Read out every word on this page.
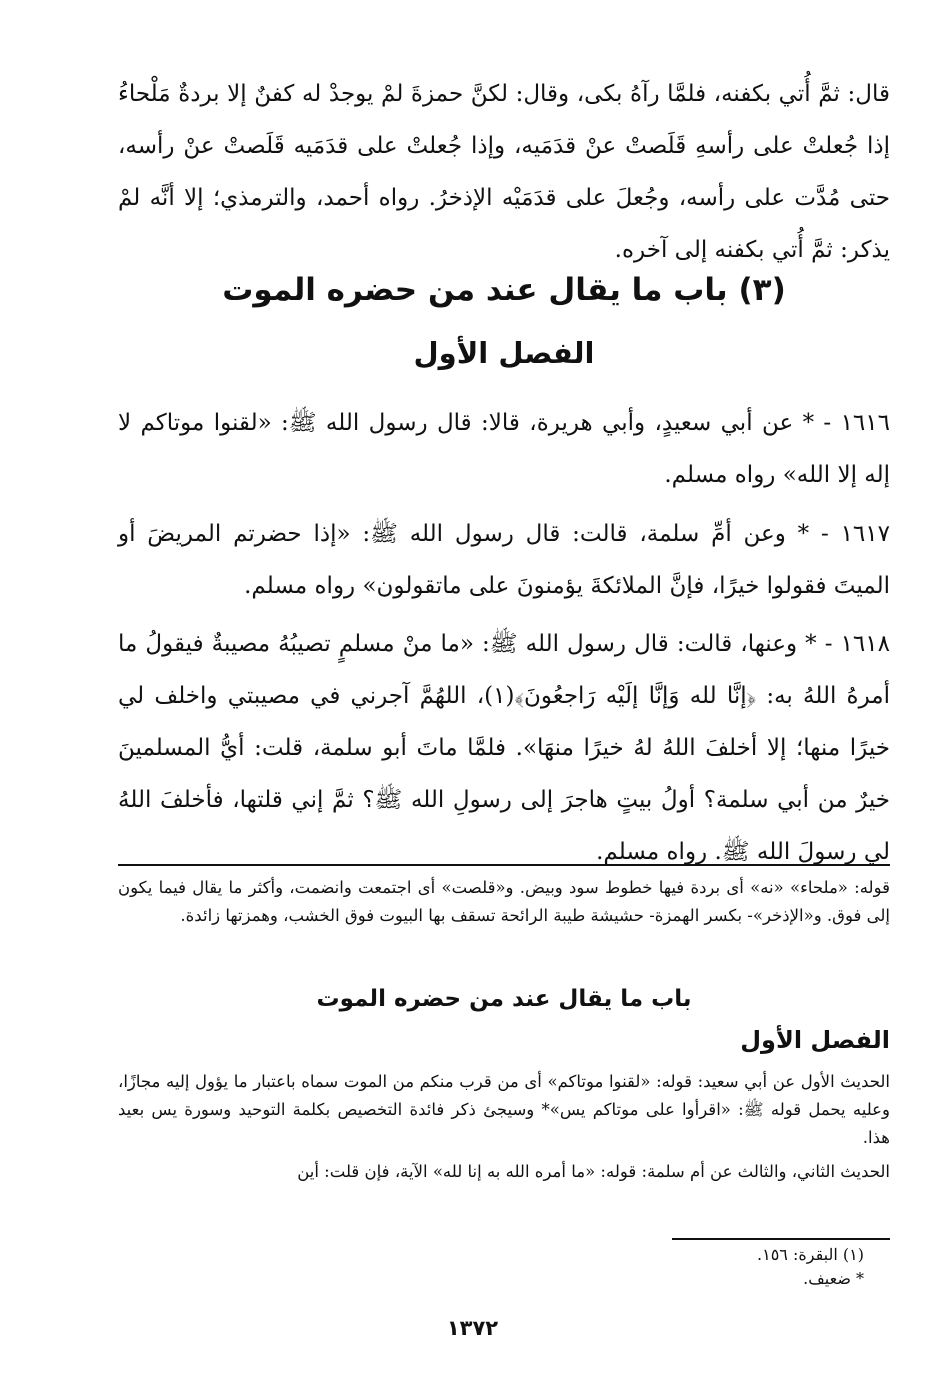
قال: ثمَّ أُتي بكفنه، فلمَّا رآهُ بكى، وقال: لكنَّ حمزةَ لمْ يوجدْ له كفنٌ إلا بردةٌ مَلْحاءُ إذا جُعلتْ على رأسهِ قَلَصتْ عنْ قدَمَيه، وإذا جُعلتْ على قدَمَيه قَلَصتْ عنْ رأسه، حتى مُدَّت على رأسه، وجُعلَ على قدَمَيْه الإذخرُ. رواه أحمد، والترمذي؛ إلا أنَّه لمْ يذكر: ثمَّ أُتي بكفنه إلى آخره.

(٣) باب ما يقال عند من حضره الموت
الفصل الأول

١٦١٦ - * عن أبي سعيدٍ، وأبي هريرة، قالا: قال رسول الله ﷺ: «لقنوا موتاكم لا إله إلا الله» رواه مسلم.

١٦١٧ - * وعن أمِّ سلمة، قالت: قال رسول الله ﷺ: «إذا حضرتم المريضَ أو الميتَ فقولوا خيرًا، فإنَّ الملائكةَ يؤمنونَ على ماتقولون» رواه مسلم.

١٦١٨ - * وعنها، قالت: قال رسول الله ﷺ: «ما منْ مسلمٍ تصيبُهُ مصيبةٌ فيقولُ ما أمرهُ اللهُ به: ﴿إنَّا لله وَإنَّا إلَيْه رَاجعُونَ﴾(١)، اللهُمَّ آجرني في مصيبتي واخلف لي خيرًا منها؛ إلا أخلفَ اللهُ لهُ خيرًا منهَا». فلمَّا ماتَ أبو سلمة، قلت: أيُّ المسلمينَ خيرٌ من أبي سلمة؟ أولُ بيتٍ هاجرَ إلى رسولِ الله ﷺ؟ ثمَّ إني قلتها، فأخلفَ اللهُ لي رسولَ الله ﷺ. رواه مسلم.

قوله: «ملحاء» «نه» أى بردة فيها خطوط سود وبيض. و«قلصت» أى اجتمعت وانضمت، وأكثر ما يقال فيما يكون إلى فوق. و«الإذخر»- بكسر الهمزة- حشيشة طيبة الرائحة تسقف بها البيوت فوق الخشب، وهمزتها زائدة.

باب ما يقال عند من حضره الموت
الفصل الأول

الحديث الأول عن أبي سعيد: قوله: «لقنوا موتاكم» أى من قرب منكم من الموت سماه باعتبار ما يؤول إليه مجازًا، وعليه يحمل قوله ﷺ: «اقرأوا على موتاكم يس»* وسيجئ ذكر فائدة التخصيص بكلمة التوحيد وسورة يس بعيد هذا.

الحديث الثاني، والثالث عن أم سلمة: قوله: «ما أمره الله به إنا لله» الآية، فإن قلت: أين

(١) البقرة: ١٥٦.

* ضعيف.

١٣٧٢
